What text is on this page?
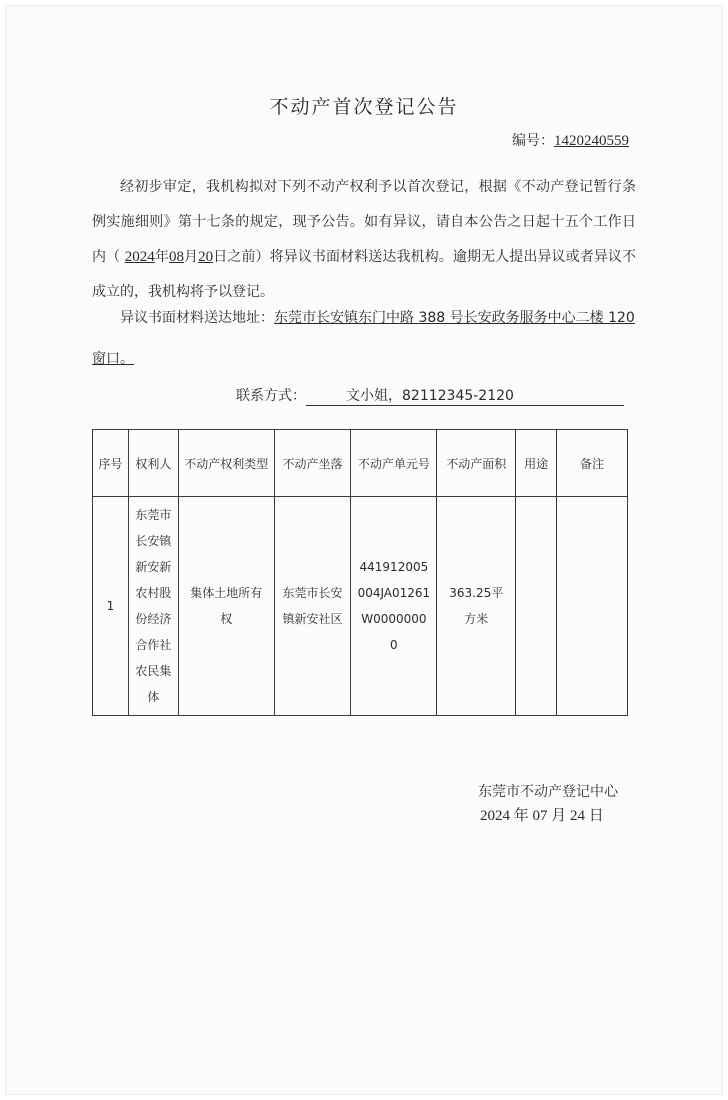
不动产首次登记公告
编号：1420240559
经初步审定，我机构拟对下列不动产权利予以首次登记，根据《不动产登记暂行条例实施细则》第十七条的规定，现予公告。如有异议，请自本公告之日起十五个工作日内（ 2024年08月20日之前）将异议书面材料送达我机构。逾期无人提出异议或者异议不成立的，我机构将予以登记。
异议书面材料送达地址：东莞市长安镇东门中路 388 号长安政务服务中心二楼 120 窗口。
联系方式：	文小姐，82112345-2120
序号	权利人	不动产权利类型	不动产坐落	不动产单元号	不动产面积	用途	备注
1	东莞市长安镇新安新农村股份经济合作社农民集体	集体土地所有权	东莞市长安镇新安社区	441912005004JA01261W00000000	363.25平方米		

东莞市不动产登记中心
2024 年 07 月 24 日
